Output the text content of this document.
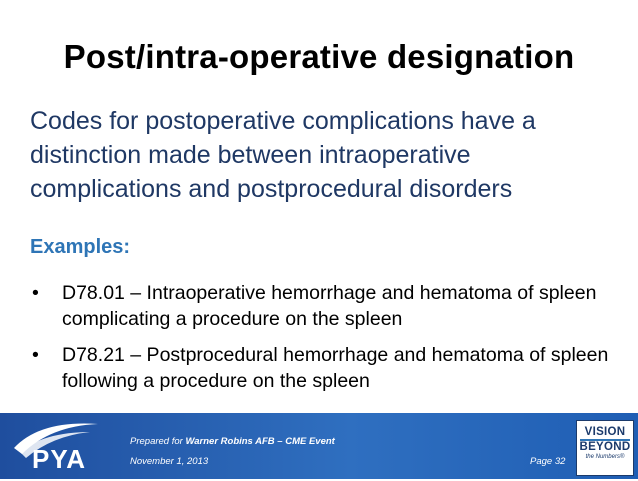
Post/intra-operative designation
Codes for postoperative complications have a distinction made between intraoperative complications and postprocedural disorders
Examples:
• D78.01 – Intraoperative hemorrhage and hematoma of spleen complicating a procedure on the spleen
• D78.21 – Postprocedural hemorrhage and hematoma of spleen following a procedure on the spleen
PYA
Prepared for Warner Robins AFB – CME Event
November 1, 2013	Page 32
VISION
BEYOND
the Numbers®
